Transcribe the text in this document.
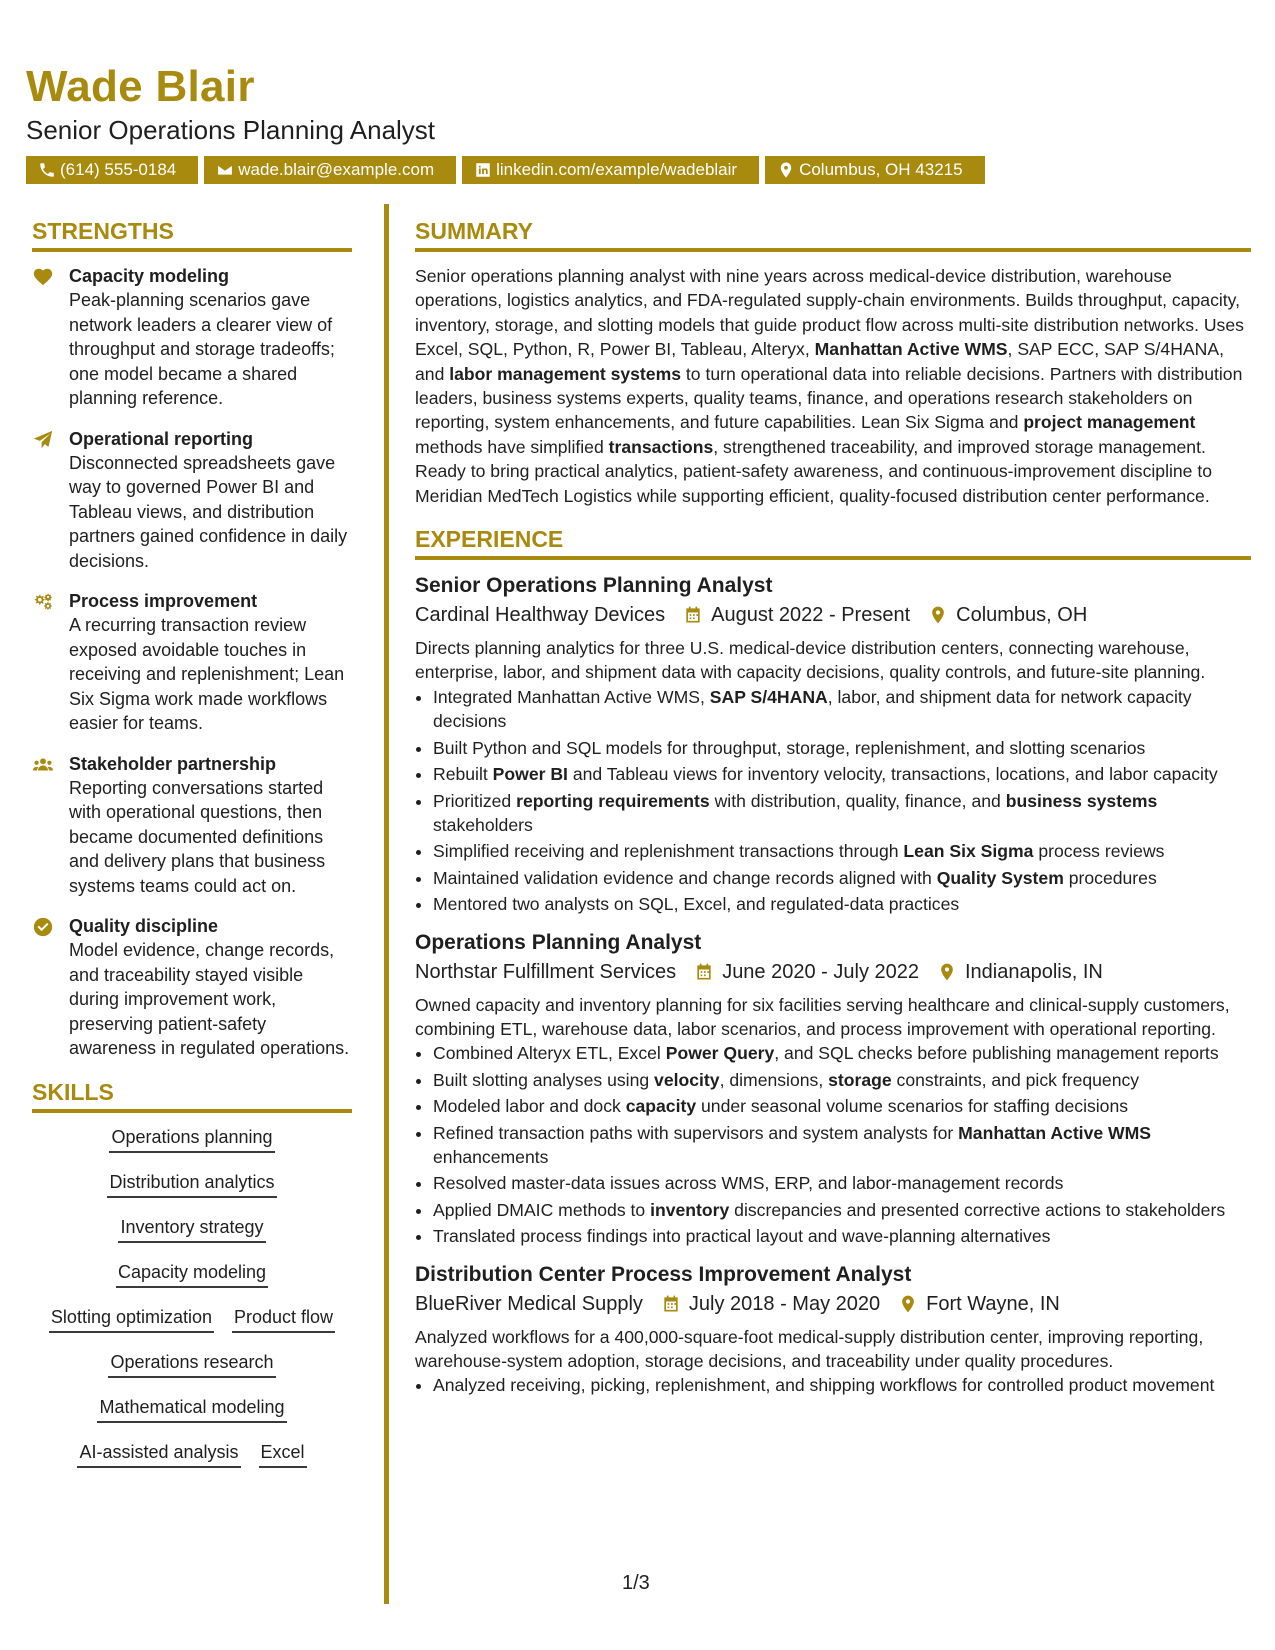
Wade Blair
Senior Operations Planning Analyst
(614) 555-0184	wade.blair@example.com	linkedin.com/example/wadeblair	Columbus, OH 43215
STRENGTHS
Capacity modeling
Peak-planning scenarios gave network leaders a clearer view of throughput and storage tradeoffs; one model became a shared planning reference.
Operational reporting
Disconnected spreadsheets gave way to governed Power BI and Tableau views, and distribution partners gained confidence in daily decisions.
Process improvement
A recurring transaction review exposed avoidable touches in receiving and replenishment; Lean Six Sigma work made workflows easier for teams.
Stakeholder partnership
Reporting conversations started with operational questions, then became documented definitions and delivery plans that business systems teams could act on.
Quality discipline
Model evidence, change records, and traceability stayed visible during improvement work, preserving patient-safety awareness in regulated operations.
SKILLS
Operations planning
Distribution analytics
Inventory strategy
Capacity modeling
Slotting optimization Product flow
Operations research
Mathematical modeling
AI-assisted analysis Excel
SUMMARY
Senior operations planning analyst with nine years across medical-device distribution, warehouse operations, logistics analytics, and FDA-regulated supply-chain environments. Builds throughput, capacity, inventory, storage, and slotting models that guide product flow across multi-site distribution networks. Uses Excel, SQL, Python, R, Power BI, Tableau, Alteryx, Manhattan Active WMS, SAP ECC, SAP S/4HANA, and labor management systems to turn operational data into reliable decisions. Partners with distribution leaders, business systems experts, quality teams, finance, and operations research stakeholders on reporting, system enhancements, and future capabilities. Lean Six Sigma and project management methods have simplified transactions, strengthened traceability, and improved storage management. Ready to bring practical analytics, patient-safety awareness, and continuous-improvement discipline to Meridian MedTech Logistics while supporting efficient, quality-focused distribution center performance.
EXPERIENCE
Senior Operations Planning Analyst
Cardinal Healthway Devices August 2022 - Present Columbus, OH
Directs planning analytics for three U.S. medical-device distribution centers, connecting warehouse, enterprise, labor, and shipment data with capacity decisions, quality controls, and future-site planning.
• Integrated Manhattan Active WMS, SAP S/4HANA, labor, and shipment data for network capacity decisions
• Built Python and SQL models for throughput, storage, replenishment, and slotting scenarios
• Rebuilt Power BI and Tableau views for inventory velocity, transactions, locations, and labor capacity
• Prioritized reporting requirements with distribution, quality, finance, and business systems stakeholders
• Simplified receiving and replenishment transactions through Lean Six Sigma process reviews
• Maintained validation evidence and change records aligned with Quality System procedures
• Mentored two analysts on SQL, Excel, and regulated-data practices
Operations Planning Analyst
Northstar Fulfillment Services June 2020 - July 2022 Indianapolis, IN
Owned capacity and inventory planning for six facilities serving healthcare and clinical-supply customers, combining ETL, warehouse data, labor scenarios, and process improvement with operational reporting.
• Combined Alteryx ETL, Excel Power Query, and SQL checks before publishing management reports
• Built slotting analyses using velocity, dimensions, storage constraints, and pick frequency
• Modeled labor and dock capacity under seasonal volume scenarios for staffing decisions
• Refined transaction paths with supervisors and system analysts for Manhattan Active WMS enhancements
• Resolved master-data issues across WMS, ERP, and labor-management records
• Applied DMAIC methods to inventory discrepancies and presented corrective actions to stakeholders
• Translated process findings into practical layout and wave-planning alternatives
Distribution Center Process Improvement Analyst
BlueRiver Medical Supply July 2018 - May 2020 Fort Wayne, IN
Analyzed workflows for a 400,000-square-foot medical-supply distribution center, improving reporting, warehouse-system adoption, storage decisions, and traceability under quality procedures.
• Analyzed receiving, picking, replenishment, and shipping workflows for controlled product movement
1/3
